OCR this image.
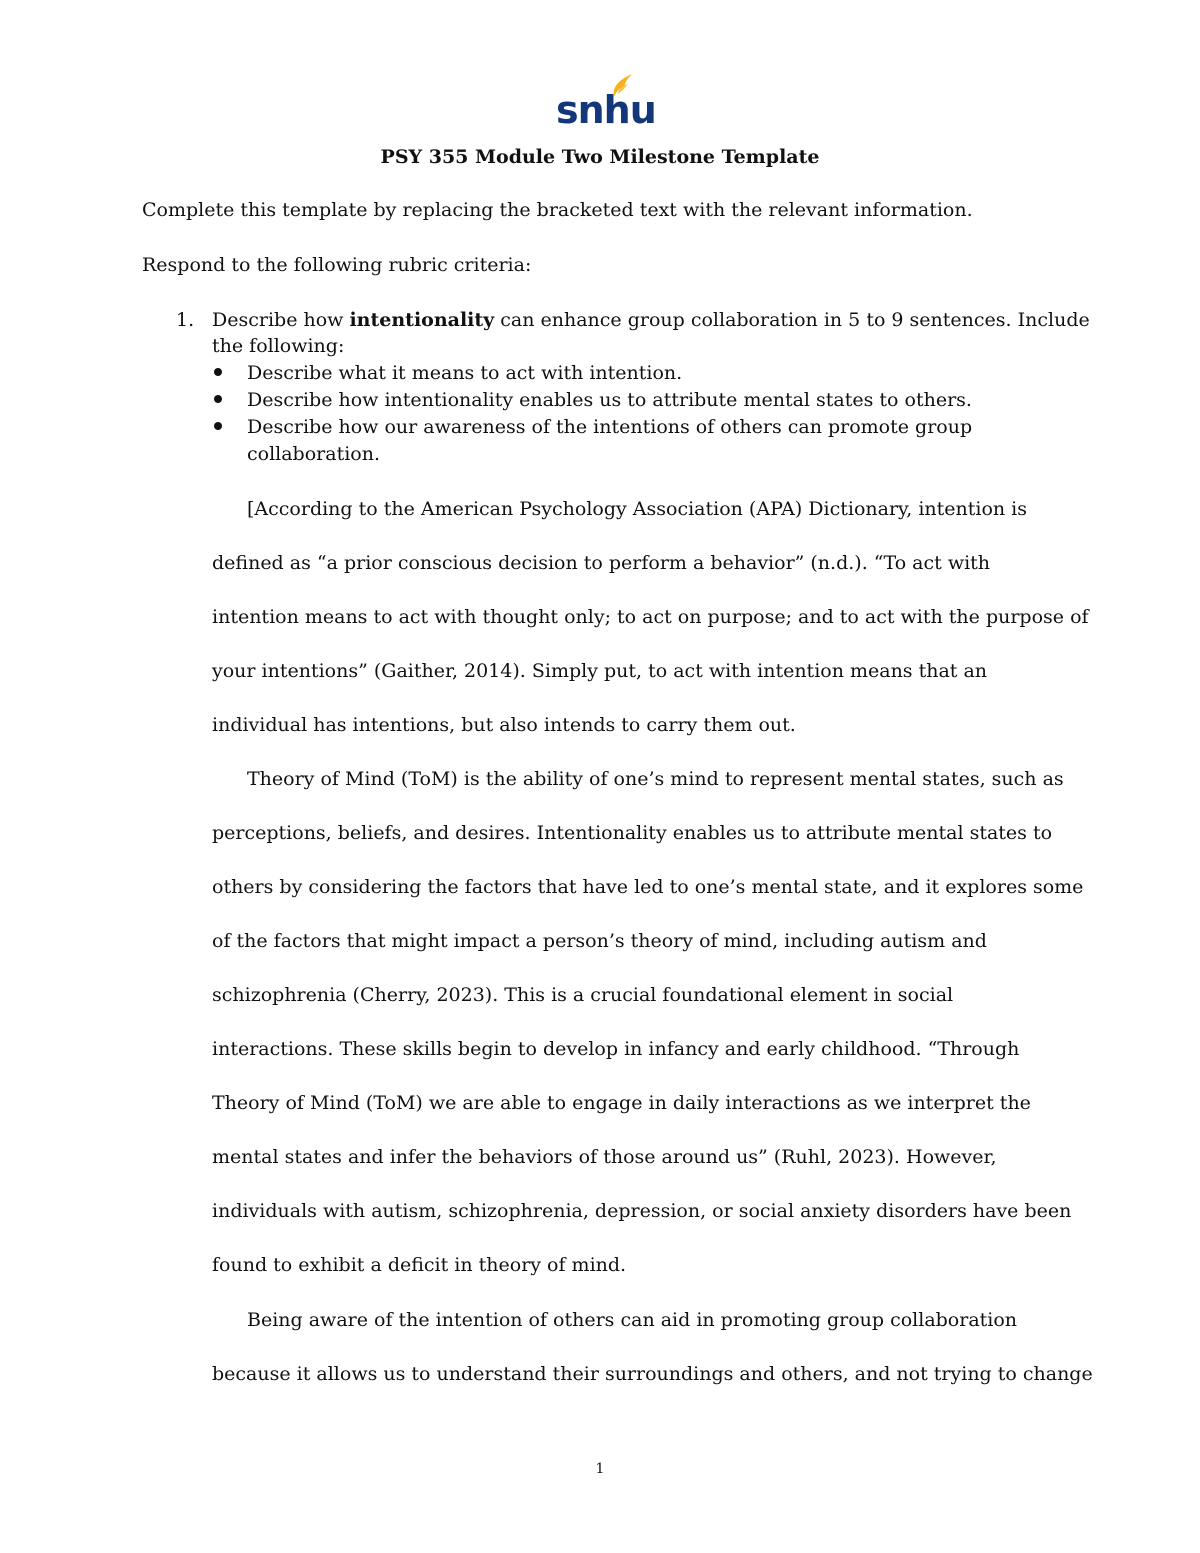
snhu
PSY 355 Module Two Milestone Template
Complete this template by replacing the bracketed text with the relevant information.
Respond to the following rubric criteria:
1. Describe how intentionality can enhance group collaboration in 5 to 9 sentences. Include
the following:
Describe what it means to act with intention.
Describe how intentionality enables us to attribute mental states to others.
Describe how our awareness of the intentions of others can promote group
collaboration.
[According to the American Psychology Association (APA) Dictionary, intention is
defined as “a prior conscious decision to perform a behavior” (n.d.). “To act with
intention means to act with thought only; to act on purpose; and to act with the purpose of
your intentions” (Gaither, 2014). Simply put, to act with intention means that an
individual has intentions, but also intends to carry them out.
Theory of Mind (ToM) is the ability of one’s mind to represent mental states, such as
perceptions, beliefs, and desires. Intentionality enables us to attribute mental states to
others by considering the factors that have led to one’s mental state, and it explores some
of the factors that might impact a person’s theory of mind, including autism and
schizophrenia (Cherry, 2023). This is a crucial foundational element in social
interactions. These skills begin to develop in infancy and early childhood. “Through
Theory of Mind (ToM) we are able to engage in daily interactions as we interpret the
mental states and infer the behaviors of those around us” (Ruhl, 2023). However,
individuals with autism, schizophrenia, depression, or social anxiety disorders have been
found to exhibit a deficit in theory of mind.
Being aware of the intention of others can aid in promoting group collaboration
because it allows us to understand their surroundings and others, and not trying to change
1
